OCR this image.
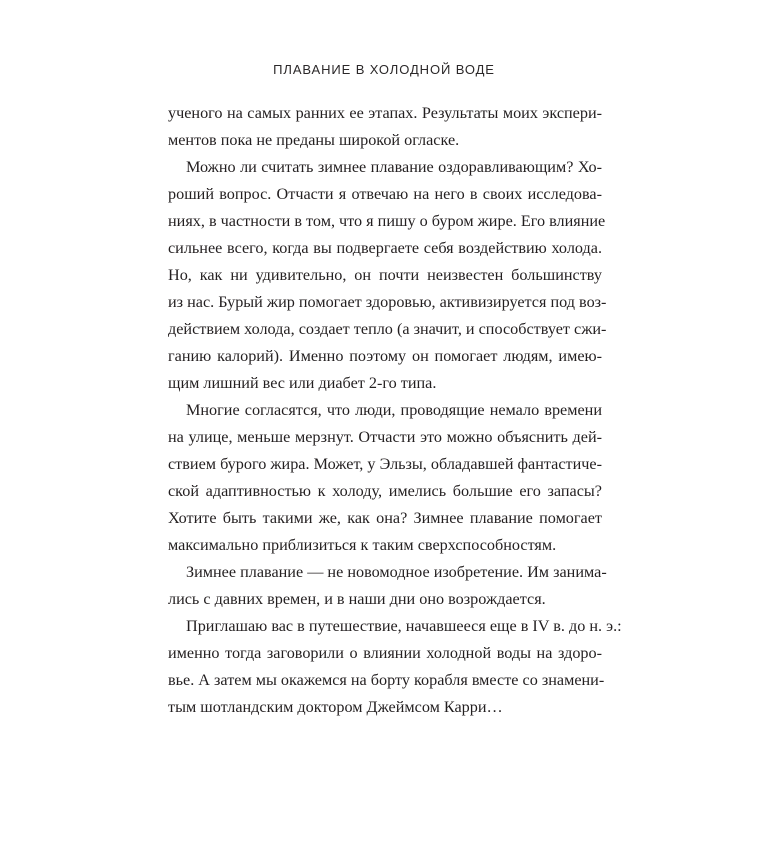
ПЛАВАНИЕ В ХОЛОДНОЙ ВОДЕ
ученого на самых ранних ее этапах. Результаты моих экспери-
ментов пока не преданы широкой огласке.
Можно ли считать зимнее плавание оздоравливающим? Хо-
роший вопрос. Отчасти я отвечаю на него в своих исследова-
ниях, в частности в том, что я пишу о буром жире. Его влияние
сильнее всего, когда вы подвергаете себя воздействию холода.
Но, как ни удивительно, он почти неизвестен большинству
из нас. Бурый жир помогает здоровью, активизируется под воз-
действием холода, создает тепло (а значит, и способствует сжи-
ганию калорий). Именно поэтому он помогает людям, имею-
щим лишний вес или диабет 2-го типа.
Многие согласятся, что люди, проводящие немало времени
на улице, меньше мерзнут. Отчасти это можно объяснить дей-
ствием бурого жира. Может, у Эльзы, обладавшей фантастиче-
ской адаптивностью к холоду, имелись большие его запасы?
Хотите быть такими же, как она? Зимнее плавание помогает
максимально приблизиться к таким сверхспособностям.
Зимнее плавание — не новомодное изобретение. Им занима-
лись с давних времен, и в наши дни оно возрождается.
Приглашаю вас в путешествие, начавшееся еще в IV в. до н. э.:
именно тогда заговорили о влиянии холодной воды на здоро-
вье. А затем мы окажемся на борту корабля вместе со знамени-
тым шотландским доктором Джеймсом Карри…
